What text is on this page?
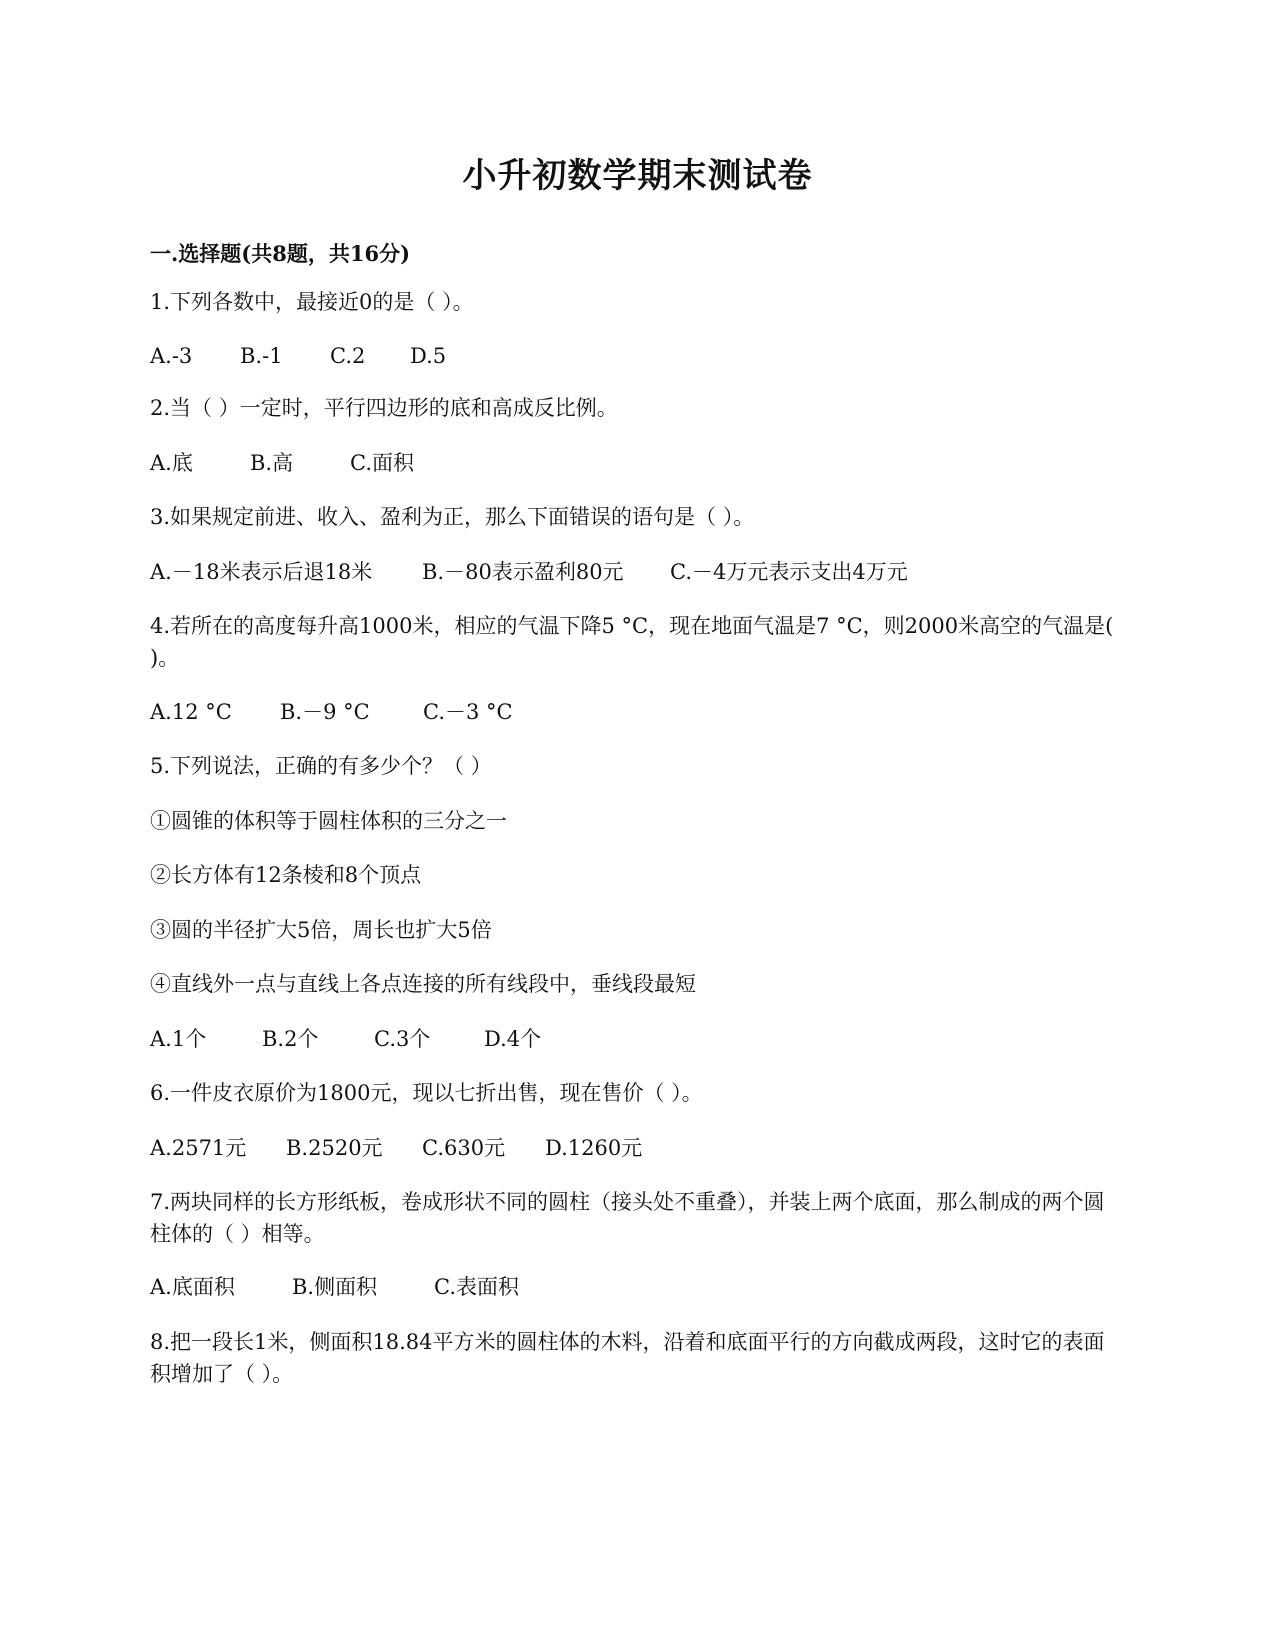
小升初数学期末测试卷
一.选择题(共8题，共16分)

1.下列各数中，最接近0的是（ ）。

A.-3 B.-1 C.2 D.5

2.当（ ）一定时，平行四边形的底和高成反比例。

A.底	B.高	C.面积

3.如果规定前进、收入、盈利为正，那么下面错误的语句是（ ）。

A.－18米表示后退18米 B.－80表示盈利80元 C.－4万元表示支出4万元

4.若所在的高度每升高1000米，相应的气温下降5 °C，现在地面气温是7 °C，则2000米高空的气温是( )。

A.12 °C B.－9 °C	C.－3 °C

5.下列说法，正确的有多少个？（ ）

①圆锥的体积等于圆柱体积的三分之一

②长方体有12条棱和8个顶点

③圆的半径扩大5倍，周长也扩大5倍

④直线外一点与直线上各点连接的所有线段中，垂线段最短

A.1个	B.2个	C.3个	D.4个

6.一件皮衣原价为1800元，现以七折出售，现在售价（ ）。

A.2571元 B.2520元 C.630元 D.1260元

7.两块同样的长方形纸板，卷成形状不同的圆柱（接头处不重叠），并装上两个底面，那么制成的两个圆柱体的（ ）相等。

A.底面积	B.侧面积	C.表面积

8.把一段长1米，侧面积18.84平方米的圆柱体的木料，沿着和底面平行的方向截成两段，这时它的表面积增加了（ ）。
